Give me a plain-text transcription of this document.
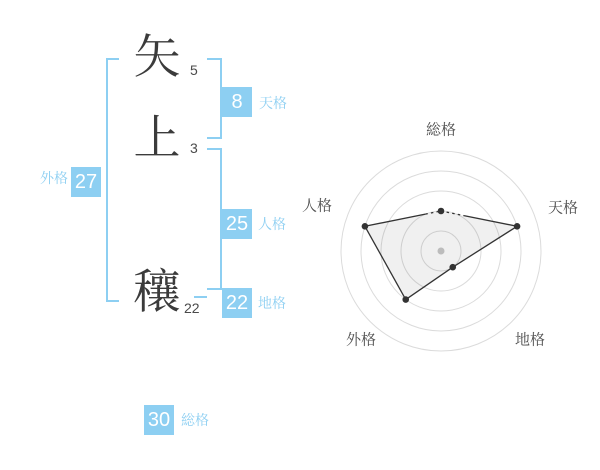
外格 27
矢 5
上 3
穰 22
8	天格
25 人格
22 地格
30 総格
総格
天格
地格
外格
人格
